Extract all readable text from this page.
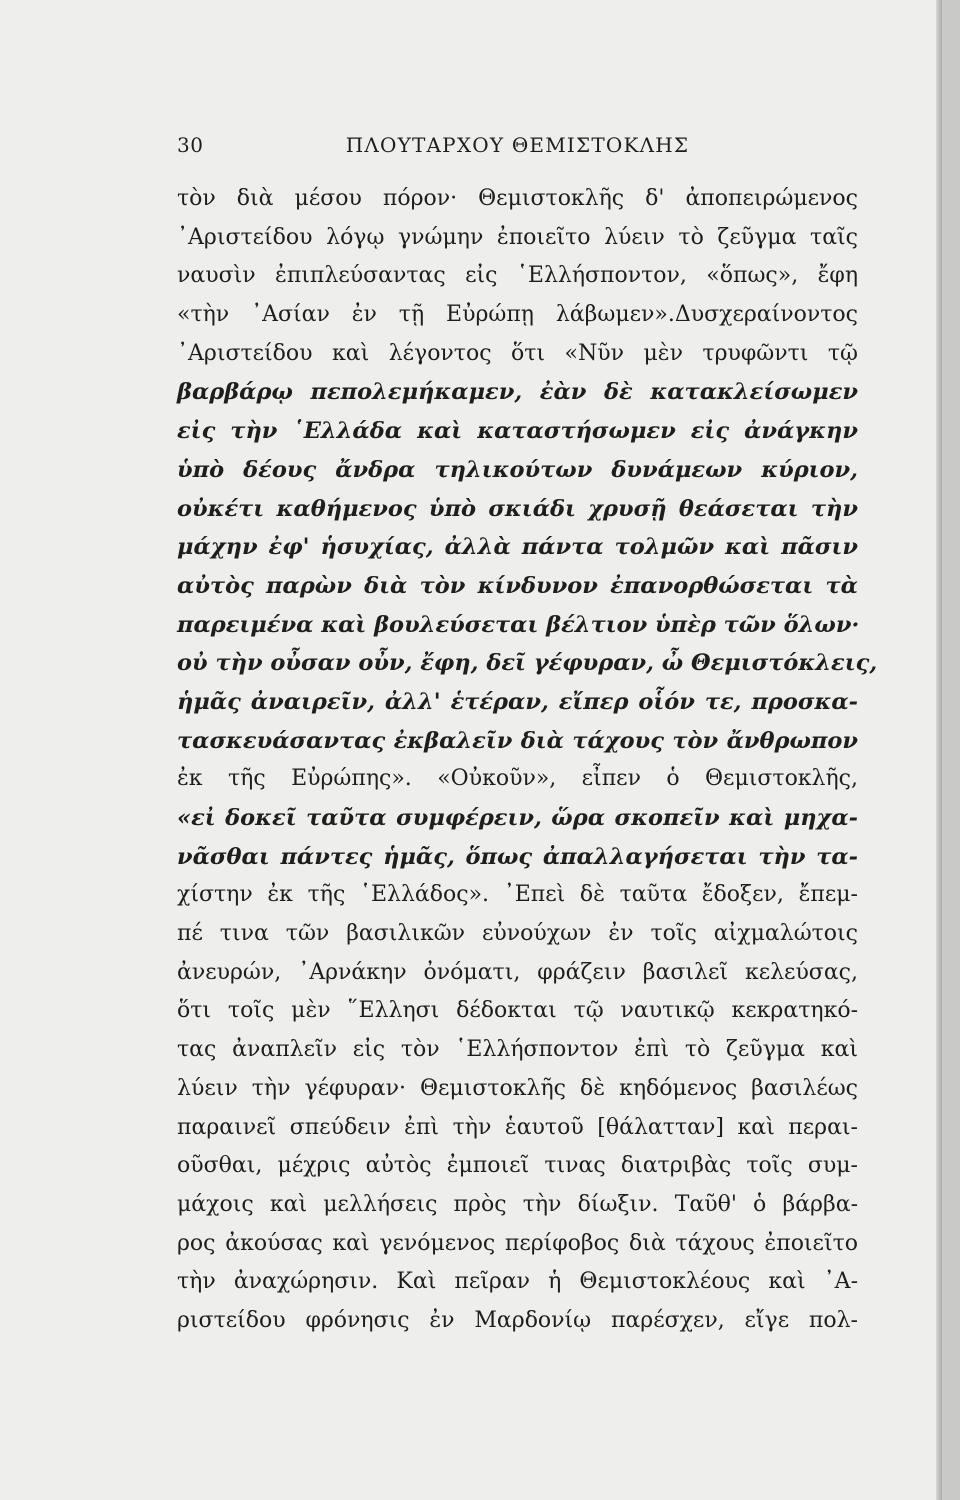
30	ΠΛΟΥΤΑΡΧΟΥ ΘΕΜΙΣΤΟΚΛΗΣ
τὸν διὰ μέσου πόρον· Θεμιστοκλῆς δ' ἀποπειρώμενος
᾿Αριστείδου λόγῳ γνώμην ἐποιεῖτο λύειν τὸ ζεῦγμα ταῖς
ναυσὶν ἐπιπλεύσαντας εἰς ῾Ελλήσποντον, «ὅπως», ἔφη
«τὴν ᾿Ασίαν ἐν τῇ Εὐρώπῃ λάβωμεν».Δυσχεραίνοντος
᾿Αριστείδου καὶ λέγοντος ὅτι «Νῦν μὲν τρυφῶντι τῷ
βαρβάρῳ πεπολεμήκαμεν, ἐὰν δὲ κατακλείσωμεν
εἰς τὴν ῾Ελλάδα καὶ καταστήσωμεν εἰς ἀνάγκην
ὑπὸ δέους ἄνδρα τηλικούτων δυνάμεων κύριον,
οὐκέτι καθήμενος ὑπὸ σκιάδι χρυσῇ θεάσεται τὴν
μάχην ἐφ' ἡσυχίας, ἀλλὰ πάντα τολμῶν καὶ πᾶσιν
αὐτὸς παρὼν διὰ τὸν κίνδυνον ἐπανορθώσεται τὰ
παρειμένα καὶ βουλεύσεται βέλτιον ὑπὲρ τῶν ὅλων·
οὐ τὴν οὖσαν οὖν, ἔφη, δεῖ γέφυραν, ὦ Θεμιστόκλεις,
ἡμᾶς ἀναιρεῖν, ἀλλ' ἑτέραν, εἴπερ οἷόν τε, προσκα-
τασκευάσαντας ἐκβαλεῖν διὰ τάχους τὸν ἄνθρωπον
ἐκ τῆς Εὐρώπης». «Οὐκοῦν», εἶπεν ὁ Θεμιστοκλῆς,
«εἰ δοκεῖ ταῦτα συμφέρειν, ὥρα σκοπεῖν καὶ μηχα-
νᾶσθαι πάντες ἡμᾶς, ὅπως ἀπαλλαγήσεται τὴν τα-
χίστην ἐκ τῆς ῾Ελλάδος». ᾿Επεὶ δὲ ταῦτα ἔδοξεν, ἔπεμ-
πέ τινα τῶν βασιλικῶν εὐνούχων ἐν τοῖς αἰχμαλώτοις
ἀνευρών, ᾿Αρνάκην ὀνόματι, φράζειν βασιλεῖ κελεύσας,
ὅτι τοῖς μὲν ῞Ελλησι δέδοκται τῷ ναυτικῷ κεκρατηκό-
τας ἀναπλεῖν εἰς τὸν ῾Ελλήσποντον ἐπὶ τὸ ζεῦγμα καὶ
λύειν τὴν γέφυραν· Θεμιστοκλῆς δὲ κηδόμενος βασιλέως
παραινεῖ σπεύδειν ἐπὶ τὴν ἑαυτοῦ [θάλατταν] καὶ περαι-
οῦσθαι, μέχρις αὐτὸς ἐμποιεῖ τινας διατριβὰς τοῖς συμ-
μάχοις καὶ μελλήσεις πρὸς τὴν δίωξιν. Ταῦθ' ὁ βάρβα-
ρος ἀκούσας καὶ γενόμενος περίφοβος διὰ τάχους ἐποιεῖτο
τὴν ἀναχώρησιν. Καὶ πεῖραν ἡ Θεμιστοκλέους καὶ ᾿Α-
ριστείδου φρόνησις ἐν Μαρδονίῳ παρέσχεν, εἴγε πολ-
